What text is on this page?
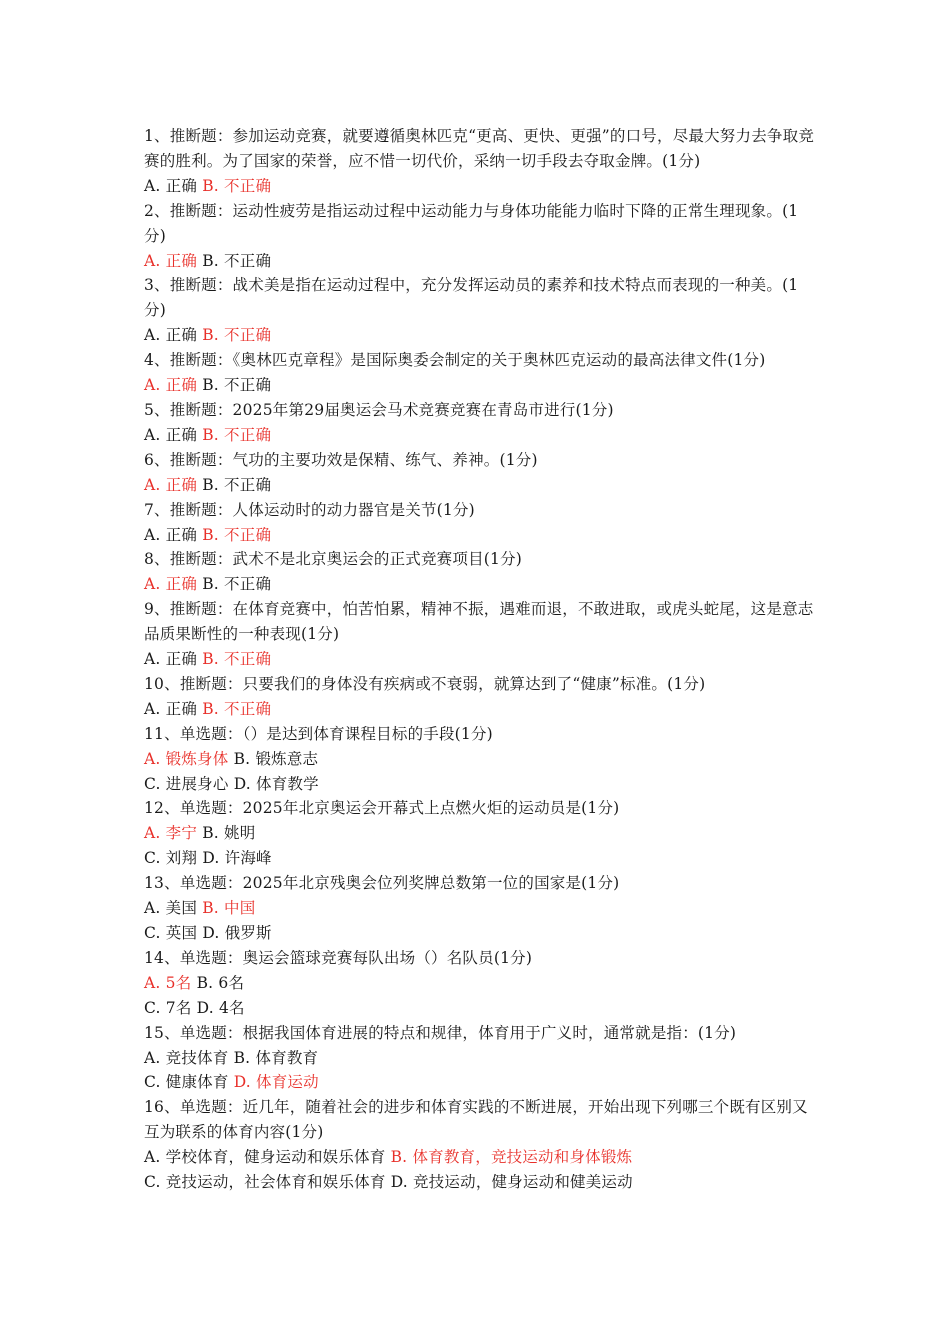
1、推断题：参加运动竞赛，就要遵循奥林匹克“更高、更快、更强”的口号，尽最大努力去争取竞赛的胜利。为了国家的荣誉，应不惜一切代价，采纳一切手段去夺取金牌。(1分)

A. 正确 B. 不正确

2、推断题：运动性疲劳是指运动过程中运动能力与身体功能能力临时下降的正常生理现象。(1分)

A. 正确 B. 不正确

3、推断题：战术美是指在运动过程中，充分发挥运动员的素养和技术特点而表现的一种美。(1分)

A. 正确 B. 不正确

4、推断题：《奥林匹克章程》是国际奥委会制定的关于奥林匹克运动的最高法律文件(1分)

A. 正确 B. 不正确

5、推断题：2025年第29届奥运会马术竞赛竞赛在青岛市进行(1分)

A. 正确 B. 不正确

6、推断题：气功的主要功效是保精、练气、养神。(1分)

A. 正确 B. 不正确

7、推断题：人体运动时的动力器官是关节(1分)

A. 正确 B. 不正确

8、推断题：武术不是北京奥运会的正式竞赛项目(1分)

A. 正确 B. 不正确

9、推断题：在体育竞赛中，怕苦怕累，精神不振，遇难而退，不敢进取，或虎头蛇尾，这是意志品质果断性的一种表现(1分)

A. 正确 B. 不正确

10、推断题：只要我们的身体没有疾病或不衰弱，就算达到了“健康”标准。(1分)

A. 正确 B. 不正确

11、单选题：（）是达到体育课程目标的手段(1分)

A. 锻炼身体 B. 锻炼意志

C. 进展身心 D. 体育教学

12、单选题：2025年北京奥运会开幕式上点燃火炬的运动员是(1分)

A. 李宁 B. 姚明

C. 刘翔 D. 许海峰

13、单选题：2025年北京残奥会位列奖牌总数第一位的国家是(1分)

A. 美国 B. 中国

C. 英国 D. 俄罗斯

14、单选题：奥运会篮球竞赛每队出场（）名队员(1分)

A. 5名 B. 6名

C. 7名 D. 4名

15、单选题：根据我国体育进展的特点和规律，体育用于广义时，通常就是指：(1分)

A. 竞技体育 B. 体育教育

C. 健康体育 D. 体育运动

16、单选题：近几年，随着社会的进步和体育实践的不断进展，开始出现下列哪三个既有区别又互为联系的体育内容(1分)

A. 学校体育，健身运动和娱乐体育 B. 体育教育，竞技运动和身体锻炼

C. 竞技运动，社会体育和娱乐体育 D. 竞技运动，健身运动和健美运动
